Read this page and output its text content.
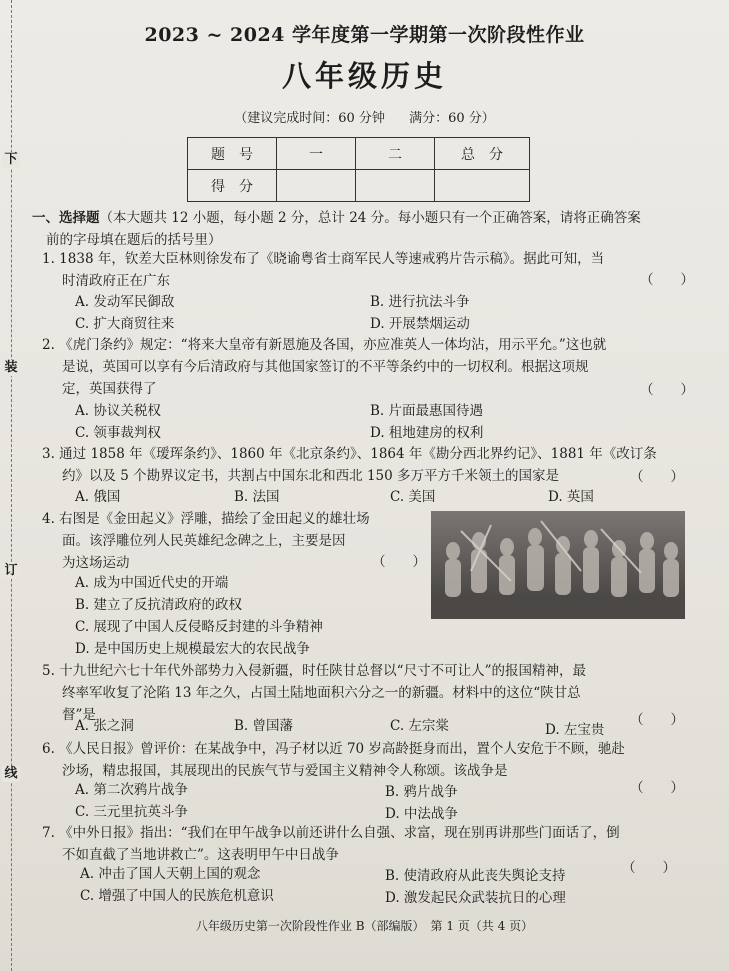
下
装
订
线
2023 ~ 2024 学年度第一学期第一次阶段性作业
八年级历史
（建议完成时间：60 分钟 满分：60 分）
题　号	一	二	总　分
得　分			
一、选择题（本大题共 12 小题，每小题 2 分，总计 24 分。每小题只有一个正确答案，请将正确答案
前的字母填在题后的括号里）
1. 1838 年，钦差大臣林则徐发布了《晓谕粤省士商军民人等速戒鸦片告示稿》。据此可知，当
时清政府正在广东	（　　）
A. 发动军民御敌	B. 进行抗法斗争
C. 扩大商贸往来	D. 开展禁烟运动
2. 《虎门条约》规定：“将来大皇帝有新恩施及各国，亦应准英人一体均沾，用示平允。”这也就
是说，英国可以享有今后清政府与其他国家签订的不平等条约中的一切权利。根据这项规
定，英国获得了	（　　）
A. 协议关税权	B. 片面最惠国待遇
C. 领事裁判权	D. 租地建房的权利
3. 通过 1858 年《瑷珲条约》、1860 年《北京条约》、1864 年《勘分西北界约记》、1881 年《改订条
约》以及 5 个勘界议定书，共割占中国东北和西北 150 多万平方千米领土的国家是	（　　）
A. 俄国	B. 法国	C. 美国	D. 英国
4. 右图是《金田起义》浮雕，描绘了金田起义的雄壮场
面。该浮雕位列人民英雄纪念碑之上，主要是因
为这场运动	（　　）
A. 成为中国近代史的开端
B. 建立了反抗清政府的政权
C. 展现了中国人反侵略反封建的斗争精神
D. 是中国历史上规模最宏大的农民战争
5. 十九世纪六七十年代外部势力入侵新疆，时任陕甘总督以“尺寸不可让人”的报国精神，最
终率军收复了沦陷 13 年之久，占国土陆地面积六分之一的新疆。材料中的这位“陕甘总
督”是
A. 张之洞	B. 曾国藩	C. 左宗棠	D. 左宝贵
（　　）
6. 《人民日报》曾评价：在某战争中，冯子材以近 70 岁高龄挺身而出，置个人安危于不顾，驰赴
沙场，精忠报国，其展现出的民族气节与爱国主义精神令人称颂。该战争是
（　　）
A. 第二次鸦片战争	B. 鸦片战争
C. 三元里抗英斗争	D. 中法战争
7. 《中外日报》指出：“我们在甲午战争以前还讲什么自强、求富，现在别再讲那些门面话了，倒
不如直截了当地讲救亡”。这表明甲午中日战争
（　　）
A. 冲击了国人天朝上国的观念	B. 使清政府从此丧失舆论支持
C. 增强了中国人的民族危机意识	D. 激发起民众武装抗日的心理
八年级历史第一次阶段性作业 B（部编版）　第 1 页（共 4 页）
